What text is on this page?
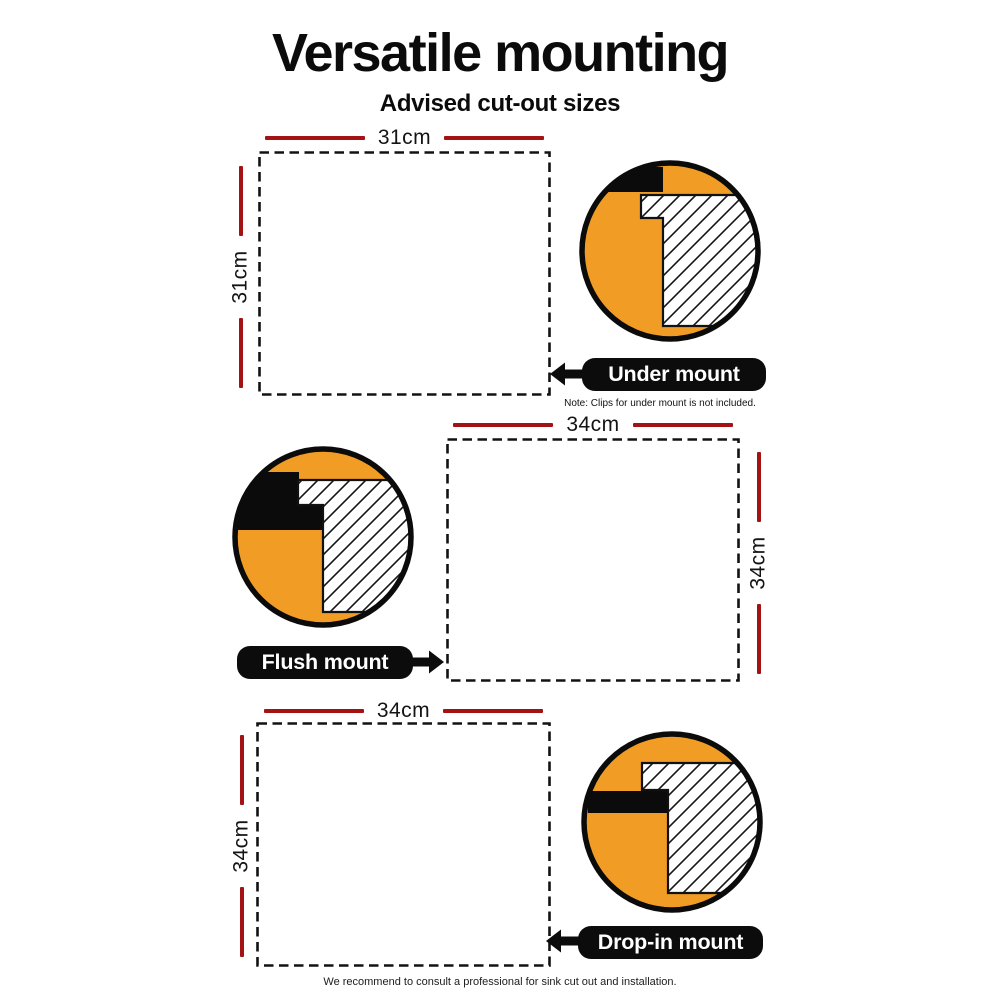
Versatile mounting
Advised cut-out sizes
31cm
31cm
Under mount
Note: Clips for under mount is not included.
34cm
34cm
Flush mount
34cm
34cm
Drop-in mount
We recommend to consult a professional for sink cut out and installation.
